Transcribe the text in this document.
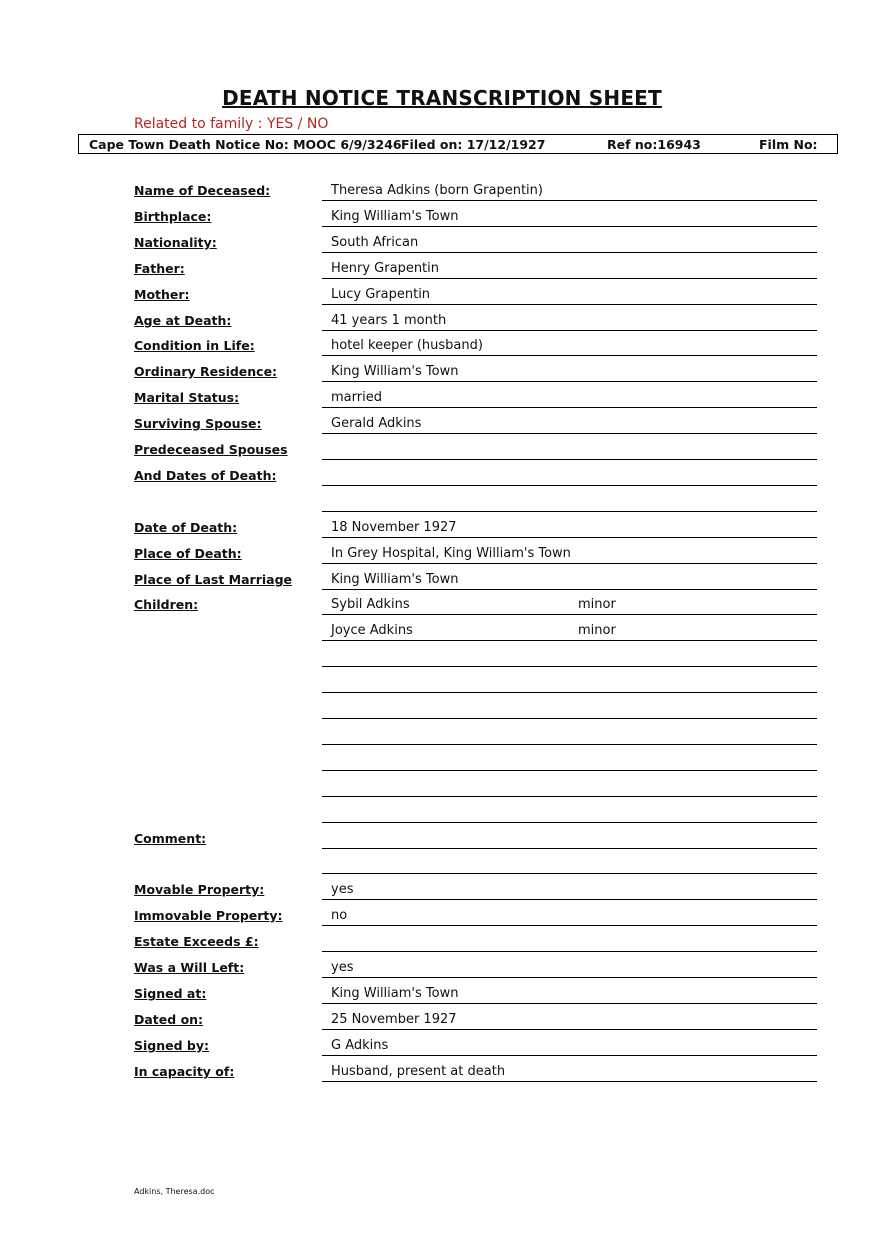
DEATH NOTICE TRANSCRIPTION SHEET
Related to family : YES / NO
Cape Town Death Notice No: MOOC 6/9/3246 Filed on: 17/12/1927	Ref no:16943	Film No:
Name of Deceased:	Theresa Adkins (born Grapentin)
Birthplace:	King William's Town
Nationality:	South African
Father:	Henry Grapentin
Mother:	Lucy Grapentin
Age at Death:	41 years 1 month
Condition in Life:	hotel keeper (husband)
Ordinary Residence:	King William's Town
Marital Status:	married
Surviving Spouse:	Gerald Adkins
Predeceased Spouses
And Dates of Death:
Date of Death:	18 November 1927
Place of Death:	In Grey Hospital, King William's Town
Place of Last Marriage	King William's Town
Children:	Sybil Adkins	minor
Joyce Adkins	minor
Comment:
Movable Property:	yes
Immovable Property:	no
Estate Exceeds £:
Was a Will Left:	yes
Signed at:	King William's Town
Dated on:	25 November 1927
Signed by:	G Adkins
In capacity of:	Husband, present at death
Adkins, Theresa.doc
